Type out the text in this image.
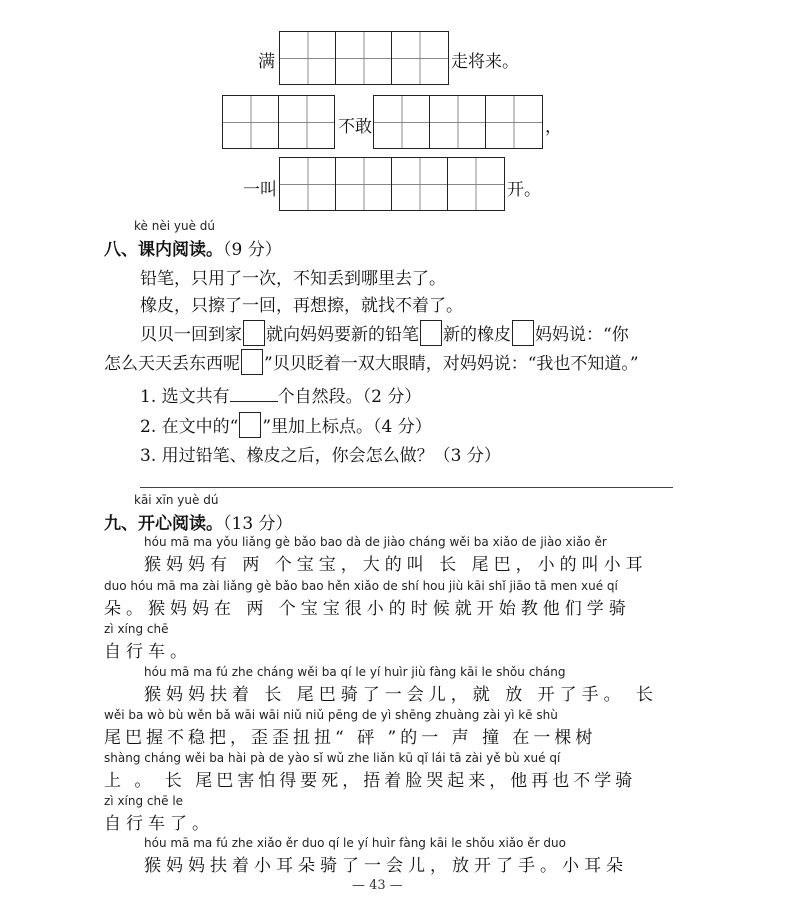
满	走将来。
不敢	，
一叫	开。
kè nèi yuè dú
八、课内阅读。（9 分）
铅笔，只用了一次，不知丢到哪里去了。
橡皮，只擦了一回，再想擦，就找不着了。
贝贝一回到家 就向妈妈要新的铅笔 新的橡皮 妈妈说：“你
怎么天天丢东西呢 ”贝贝眨着一双大眼睛，对妈妈说：“我也不知道。”
1. 选文共有	个自然段。（2 分）
2. 在文中的“ ”里加上标点。（4 分）
3. 用过铅笔、橡皮之后，你会怎么做？（3 分）
kāi xīn yuè dú
九、开心阅读。（13 分）
hóu mā ma yǒu liǎng gè bǎo bao dà de jiào cháng wěi ba xiǎo de jiào xiǎo ěr
猴妈妈有 两 个宝宝，大的叫 长 尾巴，小的叫小耳
duo hóu mā ma zài liǎng gè bǎo bao hěn xiǎo de shí hou jiù kāi shǐ jiāo tā men xué qí
朵。猴妈妈在 两 个宝宝很小的时候就开始教他们学骑
zì xíng chē
自行车。
hóu mā ma fú zhe cháng wěi ba qí le yí huìr jiù fàng kāi le shǒu cháng
猴妈妈扶着 长 尾巴骑了一会儿，就 放 开了手。 长
wěi ba wò bù wěn bǎ wāi wāi niǔ niǔ pēng de yì shēng zhuàng zài yì kē shù
尾巴握不稳把，歪歪扭扭“ 砰 ”的一 声 撞 在一棵树
shàng cháng wěi ba hài pà de yào sǐ wǔ zhe liǎn kū qǐ lái tā zài yě bù xué qí
上 。 长 尾巴害怕得要死，捂着脸哭起来，他再也不学骑
zì xíng chē le
自行车了。
hóu mā ma fú zhe xiǎo ěr duo qí le yí huìr fàng kāi le shǒu xiǎo ěr duo
猴妈妈扶着小耳朵骑了一会儿，放开了手。小耳朵
— 43 —
